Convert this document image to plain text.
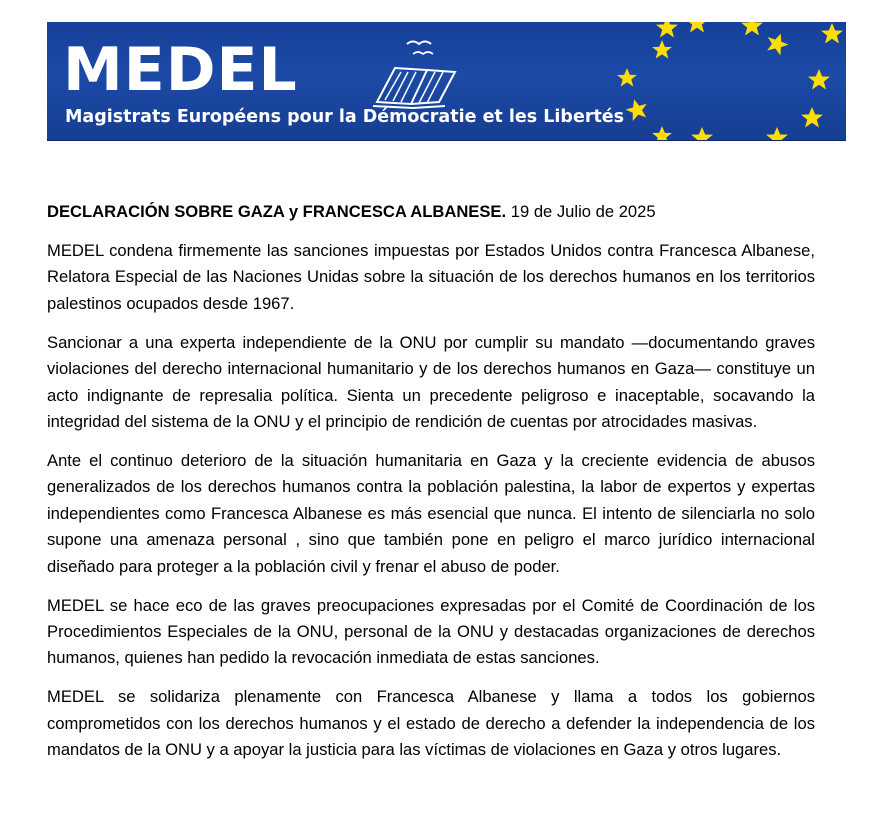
MEDEL
Magistrats Européens pour la Démocratie et les Libertés

DECLARACIÓN SOBRE GAZA y FRANCESCA ALBANESE. 19 de Julio de 2025

MEDEL condena firmemente las sanciones impuestas por Estados Unidos contra Francesca Albanese, Relatora Especial de las Naciones Unidas sobre la situación de los derechos humanos en los territorios palestinos ocupados desde 1967.

Sancionar a una experta independiente de la ONU por cumplir su mandato —documentando graves violaciones del derecho internacional humanitario y de los derechos humanos en Gaza— constituye un acto indignante de represalia política. Sienta un precedente peligroso e inaceptable, socavando la integridad del sistema de la ONU y el principio de rendición de cuentas por atrocidades masivas.

Ante el continuo deterioro de la situación humanitaria en Gaza y la creciente evidencia de abusos generalizados de los derechos humanos contra la población palestina, la labor de expertos y expertas independientes como Francesca Albanese es más esencial que nunca. El intento de silenciarla no solo supone una amenaza personal , sino que también pone en peligro el marco jurídico internacional diseñado para proteger a la población civil y frenar el abuso de poder.

MEDEL se hace eco de las graves preocupaciones expresadas por el Comité de Coordinación de los Procedimientos Especiales de la ONU, personal de la ONU y destacadas organizaciones de derechos humanos, quienes han pedido la revocación inmediata de estas sanciones.

MEDEL se solidariza plenamente con Francesca Albanese y llama a todos los gobiernos comprometidos con los derechos humanos y el estado de derecho a defender la independencia de los mandatos de la ONU y a apoyar la justicia para las víctimas de violaciones en Gaza y otros lugares.
